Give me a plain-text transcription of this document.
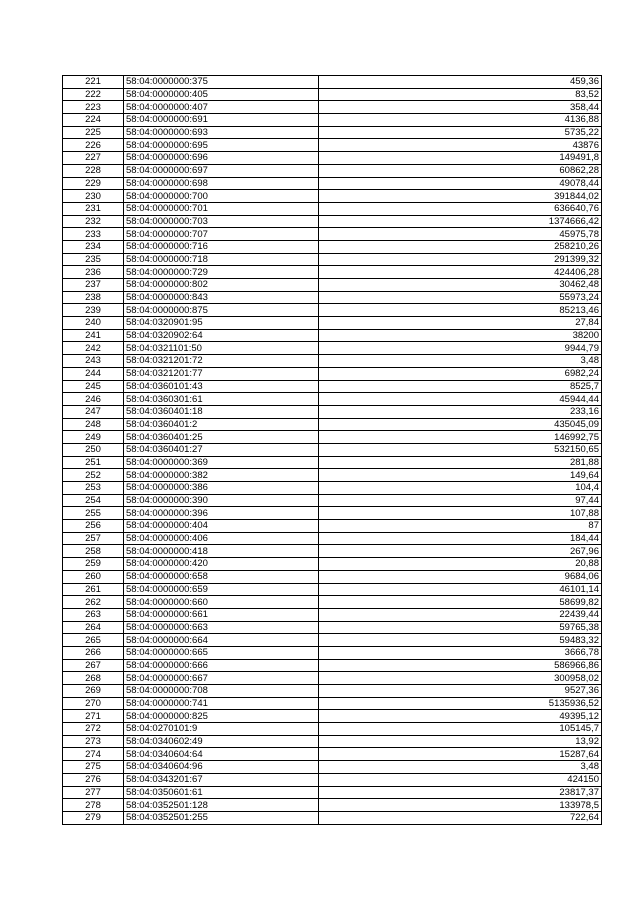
221	58:04:0000000:375	459,36
222	58:04:0000000:405	83,52
223	58:04:0000000:407	358,44
224	58:04:0000000:691	4136,88
225	58:04:0000000:693	5735,22
226	58:04:0000000:695	43876
227	58:04:0000000:696	149491,8
228	58:04:0000000:697	60862,28
229	58:04:0000000:698	49078,44
230	58:04:0000000:700	391844,02
231	58:04:0000000:701	636640,76
232	58:04:0000000:703	1374666,42
233	58:04:0000000:707	45975,78
234	58:04:0000000:716	258210,26
235	58:04:0000000:718	291399,32
236	58:04:0000000:729	424406,28
237	58:04:0000000:802	30462,48
238	58:04:0000000:843	55973,24
239	58:04:0000000:875	85213,46
240	58:04:0320901:95	27,84
241	58:04:0320902:64	38200
242	58:04:0321101:50	9944,79
243	58:04:0321201:72	3,48
244	58:04:0321201:77	6982,24
245	58:04:0360101:43	8525,7
246	58:04:0360301:61	45944,44
247	58:04:0360401:18	233,16
248	58:04:0360401:2	435045,09
249	58:04:0360401:25	146992,75
250	58:04:0360401:27	532150,65
251	58:04:0000000:369	281,88
252	58:04:0000000:382	149,64
253	58:04:0000000:386	104,4
254	58:04:0000000:390	97,44
255	58:04:0000000:396	107,88
256	58:04:0000000:404	87
257	58:04:0000000:406	184,44
258	58:04:0000000:418	267,96
259	58:04:0000000:420	20,88
260	58:04:0000000:658	9684,06
261	58:04:0000000:659	46101,14
262	58:04:0000000:660	58699,82
263	58:04:0000000:661	22439,44
264	58:04:0000000:663	59765,38
265	58:04:0000000:664	59483,32
266	58:04:0000000:665	3666,78
267	58:04:0000000:666	586966,86
268	58:04:0000000:667	300958,02
269	58:04:0000000:708	9527,36
270	58:04:0000000:741	5135936,52
271	58:04:0000000:825	49395,12
272	58:04:0270101:9	105145,7
273	58:04:0340602:49	13,92
274	58:04:0340604:64	15287,64
275	58:04:0340604:96	3,48
276	58:04:0343201:67	424150
277	58:04:0350601:61	23817,37
278	58:04:0352501:128	133978,5
279	58:04:0352501:255	722,64
